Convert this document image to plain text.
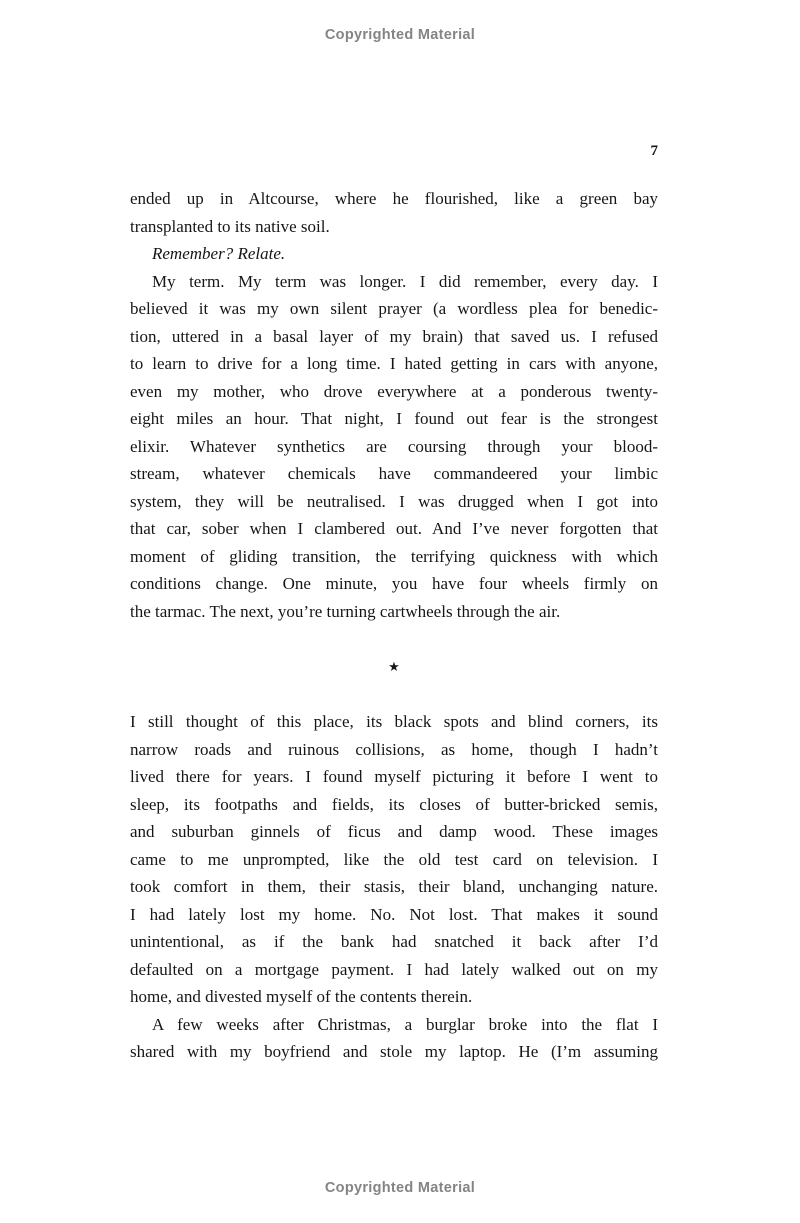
Copyrighted Material
7
ended up in Altcourse, where he flourished, like a green bay
transplanted to its native soil.
Remember? Relate.
My term. My term was longer. I did remember, every day. I
believed it was my own silent prayer (a wordless plea for benedic-
tion, uttered in a basal layer of my brain) that saved us. I refused
to learn to drive for a long time. I hated getting in cars with anyone,
even my mother, who drove everywhere at a ponderous twenty-
eight miles an hour. That night, I found out fear is the strongest
elixir. Whatever synthetics are coursing through your blood-
stream, whatever chemicals have commandeered your limbic
system, they will be neutralised. I was drugged when I got into
that car, sober when I clambered out. And I’ve never forgotten that
moment of gliding transition, the terrifying quickness with which
conditions change. One minute, you have four wheels firmly on
the tarmac. The next, you’re turning cartwheels through the air.
★
I still thought of this place, its black spots and blind corners, its
narrow roads and ruinous collisions, as home, though I hadn’t
lived there for years. I found myself picturing it before I went to
sleep, its footpaths and fields, its closes of butter-bricked semis,
and suburban ginnels of ficus and damp wood. These images
came to me unprompted, like the old test card on television. I
took comfort in them, their stasis, their bland, unchanging nature.
I had lately lost my home. No. Not lost. That makes it sound
unintentional, as if the bank had snatched it back after I’d
defaulted on a mortgage payment. I had lately walked out on my
home, and divested myself of the contents therein.
A few weeks after Christmas, a burglar broke into the flat I
shared with my boyfriend and stole my laptop. He (I’m assuming
Copyrighted Material
